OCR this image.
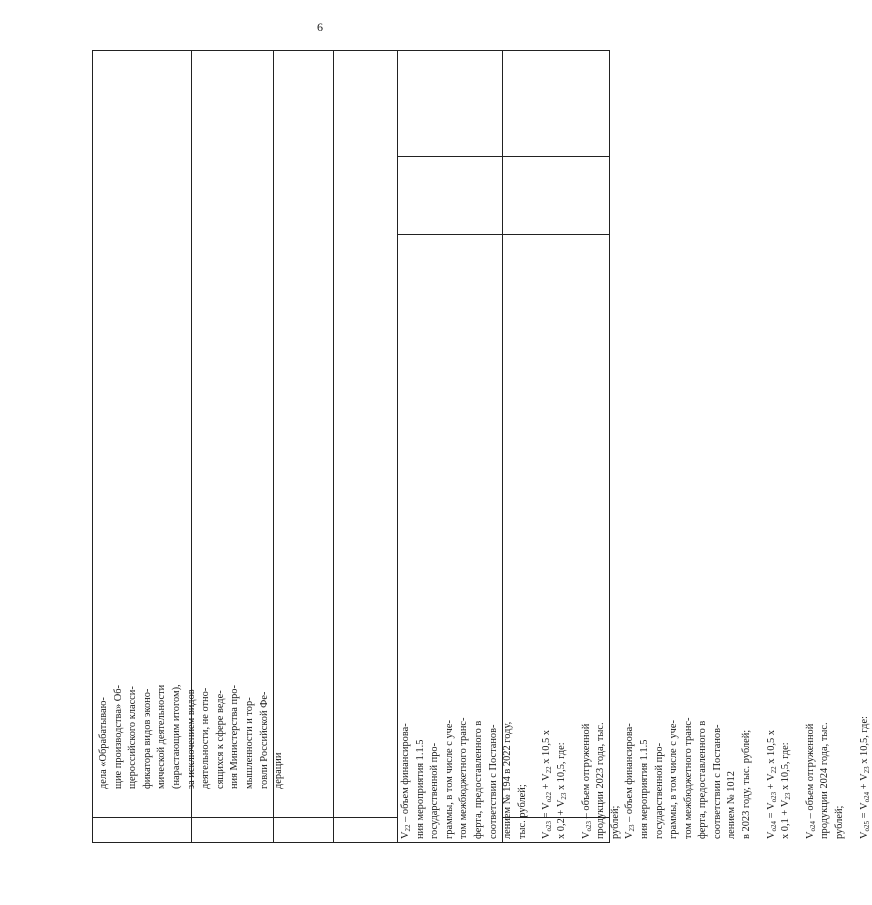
6
дела «Обрабатываю- щие производства» Об- щероссийского класси- фикатора видов эконо- мической деятельности (нарастающим итогом), за исключением видов деятельности, не отно- сящихся к сфере веде- ния Министерства про- мышленности и тор- говли Российской Фе- дерации
$V_{22}$ – объем финансирова- ния мероприятия 1.1.5 государственной про- граммы, в том числе с уче- том межбюджетного транс- ферта, предоставленного в соответствии с Постанов- лением № 194 в 2022 году, тыс. рублей; $V_{о23} = V_{о22} + V_{22}$ х 10,5 х
х $0,2 + V_{23}$ х 10,5, где:
$V_{о23}$ – объем отгруженной продукции 2023 года, тыс. рублей; $V_{23}$ – объем финансирова- ния мероприятия 1.1.5 государственной про- граммы, в том числе с уче- том межбюджетного транс- ферта, предоставленного в соответствии с Постанов- лением № 1012 в 2023 году, тыс. рублей; $V_{о24} = V_{о23} + V_{22}$ х 10,5 х
х $0,1 + V_{23}$ х 10,5, где:
$V_{о24}$ – объем отгруженной продукции 2024 года, тыс. рублей; $V_{о25} = V_{о24} + V_{23}$ х 10,5, где:
